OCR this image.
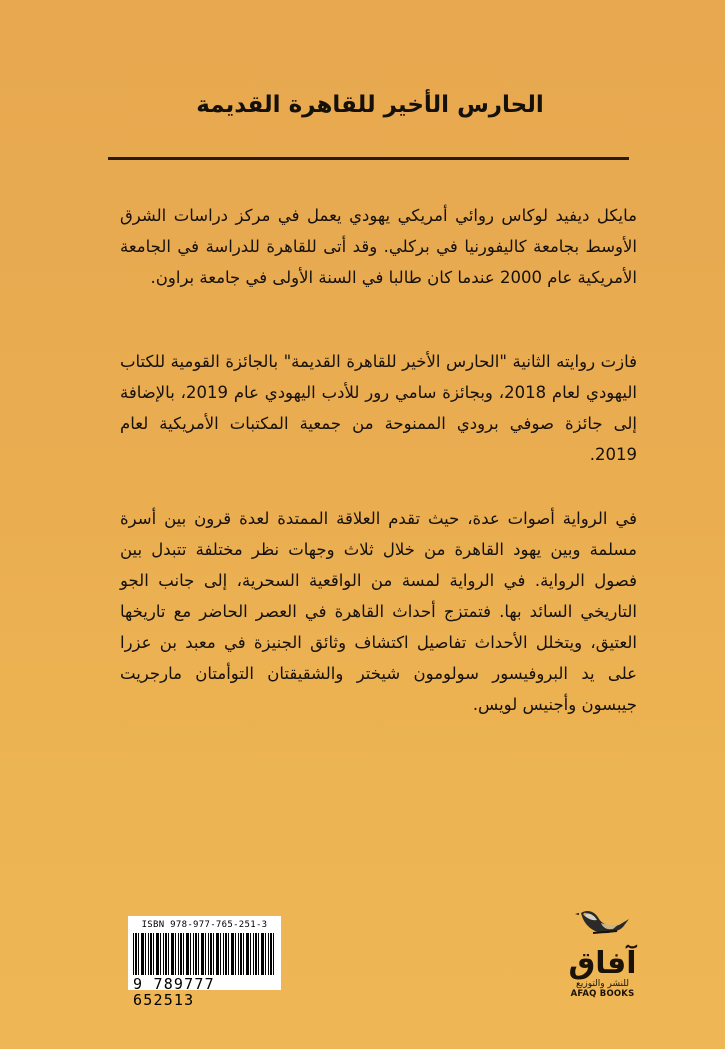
الحارس الأخير للقاهرة القديمة
مايكل ديفيد لوكاس روائي أمريكي يهودي يعمل في مركز دراسات الشرق الأوسط بجامعة كاليفورنيا في بركلي. وقد أتى للقاهرة للدراسة في الجامعة الأمريكية عام 2000 عندما كان طالبا في السنة الأولى في جامعة براون.
فازت روايته الثانية "الحارس الأخير للقاهرة القديمة" بالجائزة القومية للكتاب اليهودي لعام 2018، وبجائزة سامي رور للأدب اليهودي عام 2019، بالإضافة إلى جائزة صوفي برودي الممنوحة من جمعية المكتبات الأمريكية لعام 2019.
في الرواية أصوات عدة، حيث تقدم العلاقة الممتدة لعدة قرون بين أسرة مسلمة وبين يهود القاهرة من خلال ثلاث وجهات نظر مختلفة تتبدل بين فصول الرواية. في الرواية لمسة من الواقعية السحرية، إلى جانب الجو التاريخي السائد بها. فتمتزج أحداث القاهرة في العصر الحاضر مع تاريخها العتيق، ويتخلل الأحداث تفاصيل اكتشاف وثائق الجنيزة في معبد بن عزرا على يد البروفيسور سولومون شيختر والشقيقتان التوأمتان مارجريت جيبسون وأجنيس لويس.
ISBN 978-977-765-251-3
9 789777 652513
آفاق
للنشر والتوزيع
AFAQ BOOKS
